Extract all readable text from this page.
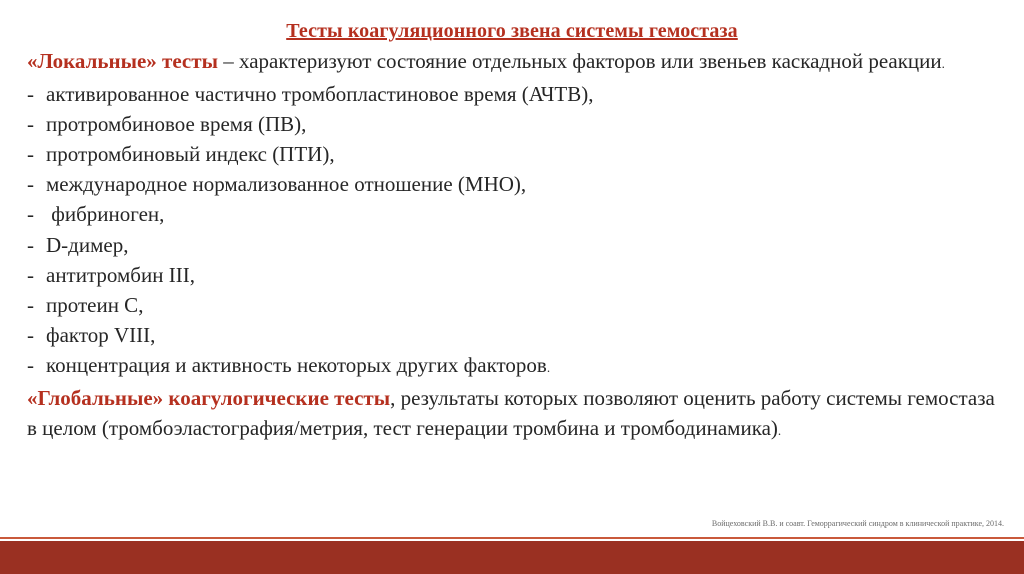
Тесты коагуляционного звена системы гемостаза

«Локальные» тесты – характеризуют состояние отдельных факторов или звеньев каскадной реакции.

- активированное частично тромбопластиновое время (АЧТВ),
- протромбиновое время (ПВ),
- протромбиновый индекс (ПТИ),
- международное нормализованное отношение (МНО),
- фибриноген,
- D-димер,
- антитромбин III,
- протеин С,
- фактор VIII,
- концентрация и активность некоторых других факторов.

«Глобальные» коагулогические тесты, результаты которых позволяют оценить работу системы гемостаза в целом (тромбоэластография/метрия, тест генерации тромбина и тромбодинамика).

Войцеховский В.В. и соавт. Геморрагический синдром в клинической практике, 2014.
